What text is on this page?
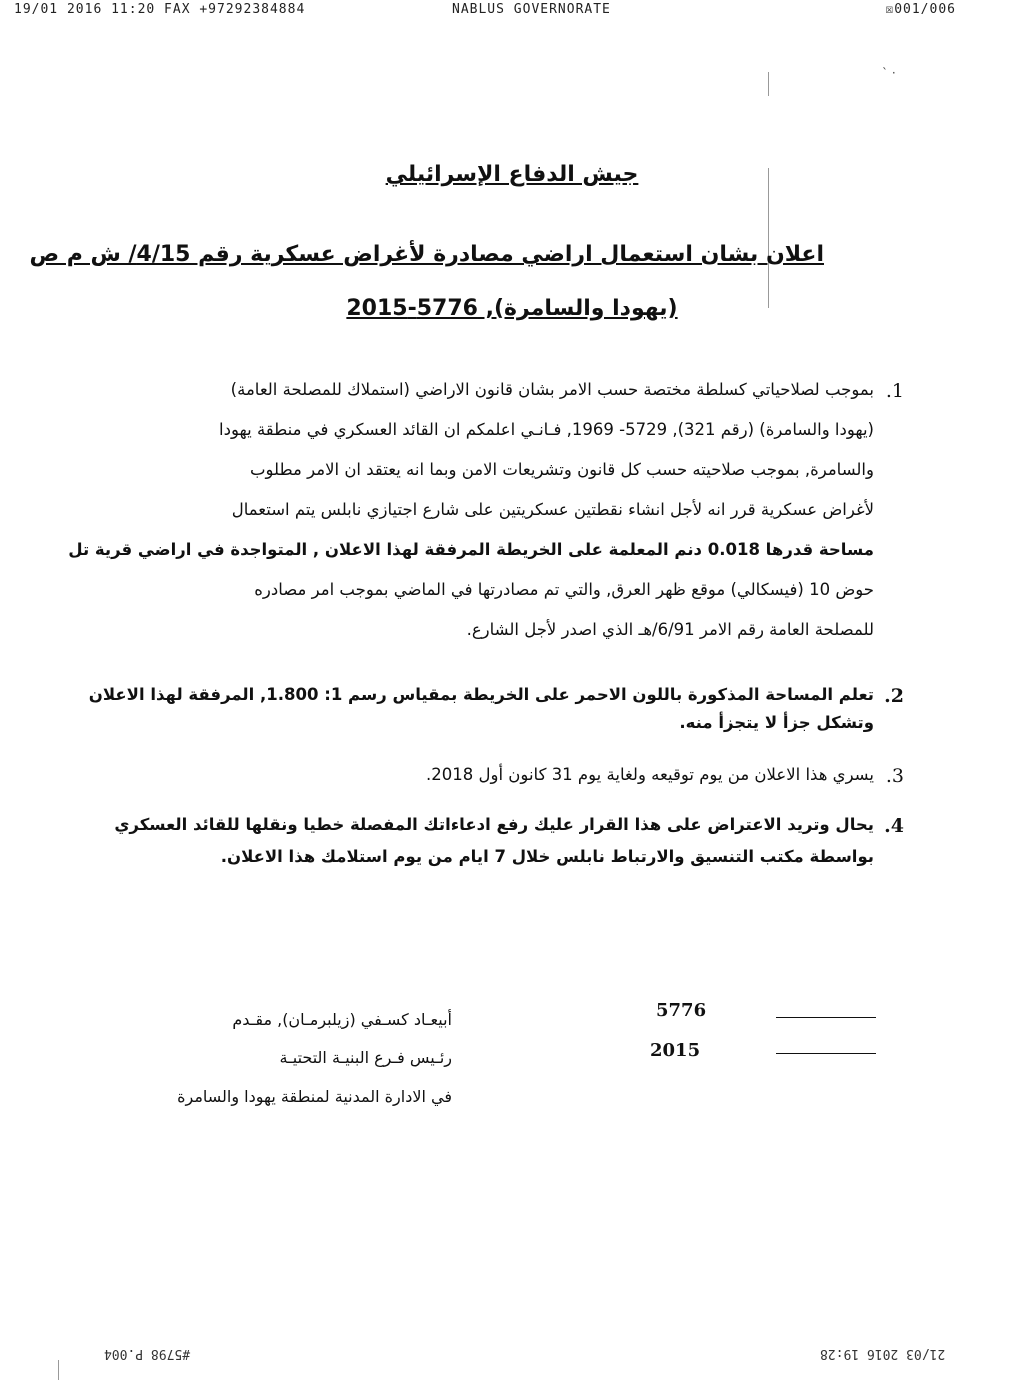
19/01 2016 11:20 FAX +97292384884	NABLUS GOVERNORATE	☒001/006
` ·
جيش الدفاع الإسرائيلي
اعلان بشان استعمال اراضي مصادرة لأغراض عسكرية رقم 4/15/ ش م ص
(يهودا والسامرة), 5776-2015
1.
بموجب لصلاحياتي كسلطة مختصة حسب الامر بشان قانون الاراضي (استملاك للمصلحة العامة)
(يهودا والسامرة) (رقم 321), 5729- 1969, فـانـي اعلمكم ان القائد العسكري في منطقة يهودا
والسامرة, بموجب صلاحيته حسب كل قانون وتشريعات الامن وبما انه يعتقد ان الامر مطلوب
لأغراض عسكرية قرر انه لأجل انشاء نقطتين عسكريتين على شارع اجتيازي نابلس يتم استعمال
مساحة قدرها 0.018 دنم المعلمة على الخريطة المرفقة لهذا الاعلان , المتواجدة في اراضي قرية تل
حوض 10 (فيسكالي) موقع ظهر العرق, والتي تم مصادرتها في الماضي بموجب امر مصادره
للمصلحة العامة رقم الامر 6/91/هـ الذي اصدر لأجل الشارع.
2.
تعلم المساحة المذكورة باللون الاحمر على الخريطة بمقياس رسم 1: 1.800, المرفقة لهذا الاعلان
وتشكل جزأ لا يتجزأ منه.
3.
يسري هذا الاعلان من يوم توقيعه ولغاية يوم 31 كانون أول 2018.
4.
يحال وتريد الاعتراض على هذا القرار عليك رفع ادعاءاتك المفصلة خطيا ونقلها للقائد العسكري
بواسطة مكتب التنسيق والارتباط نابلس خلال 7 ايام من يوم استلامك هذا الاعلان.
أبيعـاد كسـفي (زيلبرمـان), مقـدم
رئـيس فـرع البنيـة التحتيـة
في الادارة المدنية لمنطقة يهودا والسامرة
5776
2015
#5798 P.004	21/03 2016 19:28
